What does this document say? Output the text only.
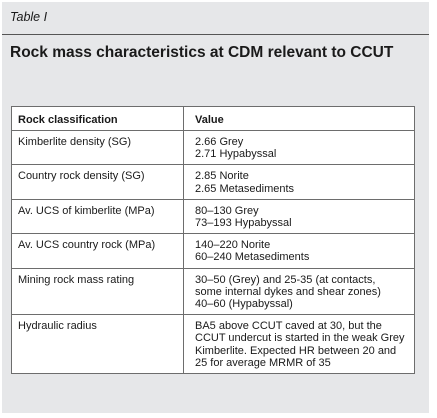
Table I
Rock mass characteristics at CDM relevant to CCUT
Rock classification	Value
Kimberlite density (SG)	2.66 Grey
2.71 Hypabyssal

Country rock density (SG)	2.85 Norite
2.65 Metasediments

Av. UCS of kimberlite (MPa)	80–130 Grey
73–193 Hypabyssal

Av. UCS country rock (MPa)	140–220 Norite
60–240 Metasediments

Mining rock mass rating	30–50 (Grey) and 25-35 (at contacts,
some internal dykes and shear zones)
40–60 (Hypabyssal)

Hydraulic radius	BA5 above CCUT caved at 30, but the CCUT undercut is started in the weak Grey Kimberlite. Expected HR between 20 and 25 for average MRMR of 35
